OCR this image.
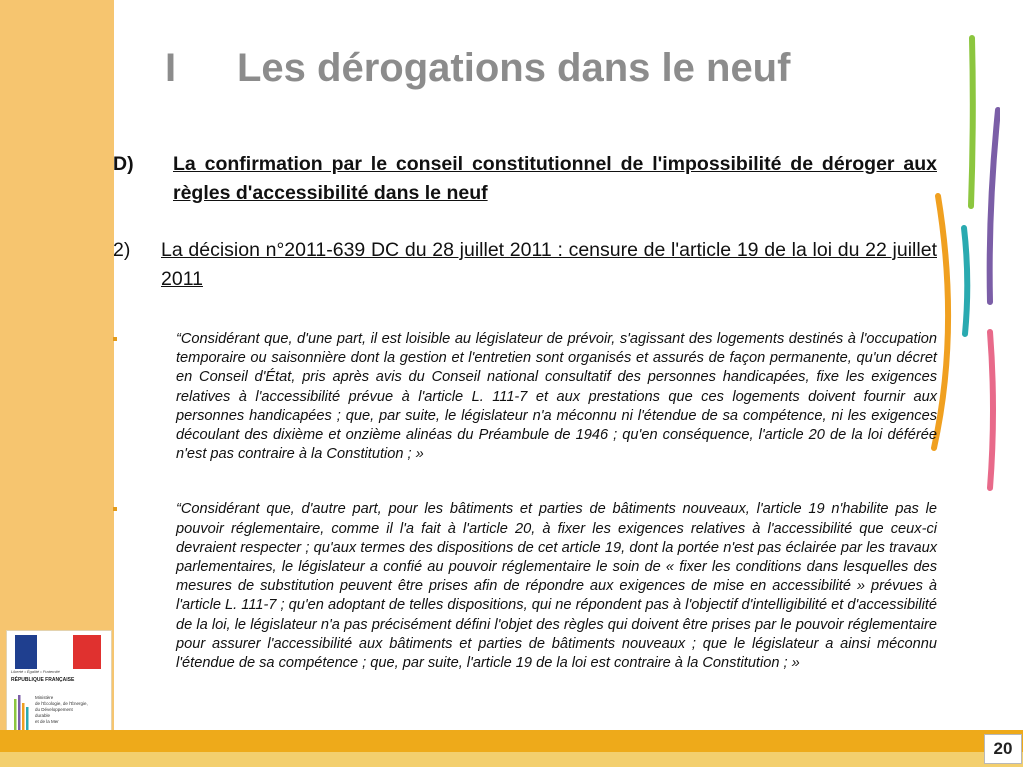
Liberté • Égalité • Fraternité
RÉPUBLIQUE FRANÇAISE
Ministère
de l'Écologie, de l'Énergie,
du Développement
durable
et de la Mer
I Les dérogations dans le neuf
D) La confirmation par le conseil constitutionnel de l'impossibilité de déroger aux règles d'accessibilité dans le neuf
2) La décision n°2011-639 DC du 28 juillet 2011 : censure de l'article 19 de la loi du 22 juillet 2011
“Considérant que, d'une part, il est loisible au législateur de prévoir, s'agissant des logements destinés à l'occupation temporaire ou saisonnière dont la gestion et l'entretien sont organisés et assurés de façon permanente, qu'un décret en Conseil d'État, pris après avis du Conseil national consultatif des personnes handicapées, fixe les exigences relatives à l'accessibilité prévue à l'article L. 111-7 et aux prestations que ces logements doivent fournir aux personnes handicapées ; que, par suite, le législateur n'a méconnu ni l'étendue de sa compétence, ni les exigences découlant des dixième et onzième alinéas du Préambule de 1946 ; qu'en conséquence, l'article 20 de la loi déférée n'est pas contraire à la Constitution ; »
“Considérant que, d'autre part, pour les bâtiments et parties de bâtiments nouveaux, l'article 19 n'habilite pas le pouvoir réglementaire, comme il l'a fait à l'article 20, à fixer les exigences relatives à l'accessibilité que ceux-ci devraient respecter ; qu'aux termes des dispositions de cet article 19, dont la portée n'est pas éclairée par les travaux parlementaires, le législateur a confié au pouvoir réglementaire le soin de « fixer les conditions dans lesquelles des mesures de substitution peuvent être prises afin de répondre aux exigences de mise en accessibilité » prévues à l'article L. 111-7 ; qu'en adoptant de telles dispositions, qui ne répondent pas à l'objectif d'intelligibilité et d'accessibilité de la loi, le législateur n'a pas précisément défini l'objet des règles qui doivent être prises par le pouvoir réglementaire pour assurer l'accessibilité aux bâtiments et parties de bâtiments nouveaux ; que le législateur a ainsi méconnu l'étendue de sa compétence ; que, par suite, l'article 19 de la loi est contraire à la Constitution ; »
20
